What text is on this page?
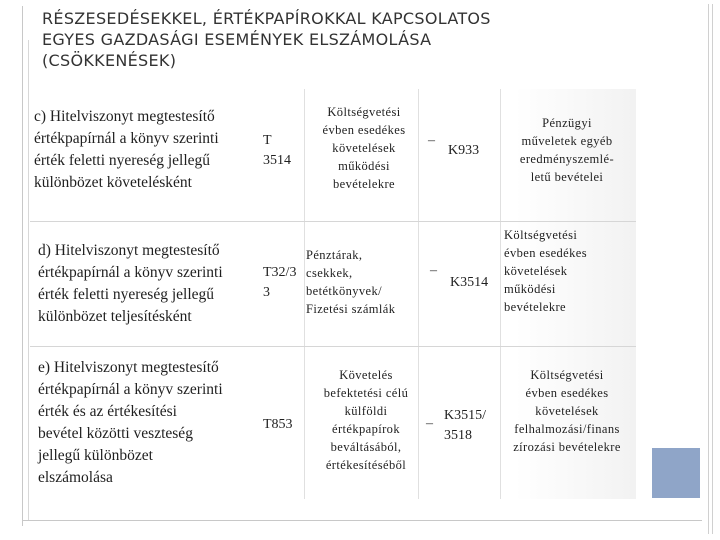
RÉSZESEDÉSEKKEL, ÉRTÉKPAPÍROKKAL KAPCSOLATOS
EGYES GAZDASÁGI ESEMÉNYEK ELSZÁMOLÁSA
(CSÖKKENÉSEK)
c) Hitelviszonyt megtestesítő
értékpapírnál a könyv szerinti
érték feletti nyereség jellegű
különbözet követelésként
T
3514
Költségvetési
évben esedékes
követelések
működési
bevételekre
–
K933
Pénzügyi
műveletek egyéb
eredményszemlé-
letű bevételei
d) Hitelviszonyt megtestesítő
értékpapírnál a könyv szerinti
érték feletti nyereség jellegű
különbözet teljesítésként
T32/3
3
Pénztárak,
csekkek,
betétkönyvek/
Fizetési számlák
–
K3514
Költségvetési
évben esedékes
követelések
működési
bevételekre
e) Hitelviszonyt megtestesítő
értékpapírnál a könyv szerinti
érték és az értékesítési
bevétel közötti veszteség
jellegű különbözet
elszámolása
T853
Követelés
befektetési célú
külföldi
értékpapírok
beváltásából,
értékesítéséből
–
K3515/
3518
Költségvetési
évben esedékes
követelések
felhalmozási/finans
zírozási bevételekre
